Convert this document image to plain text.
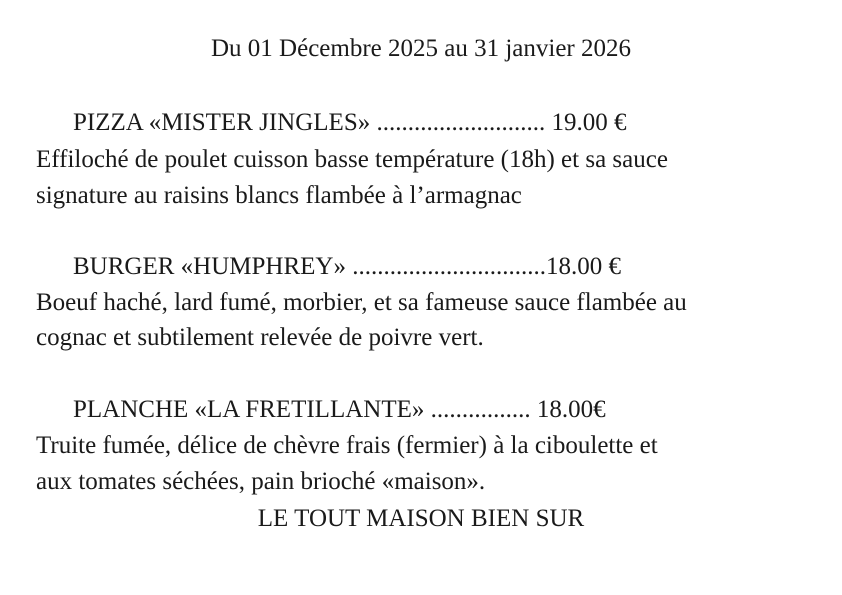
Du 01 Décembre 2025 au 31 janvier 2026
PIZZA «MISTER JINGLES» ........................... 19.00 €
Effiloché de poulet cuisson basse température (18h) et sa sauce
signature au raisins blancs flambée à l’armagnac
BURGER «HUMPHREY» ...............................18.00 €
Boeuf haché, lard fumé, morbier, et sa fameuse sauce flambée au
cognac et subtilement relevée de poivre vert.
PLANCHE «LA FRETILLANTE» ................ 18.00€
Truite fumée, délice de chèvre frais (fermier) à la ciboulette et
aux tomates séchées, pain brioché «maison».
LE TOUT MAISON BIEN SUR
